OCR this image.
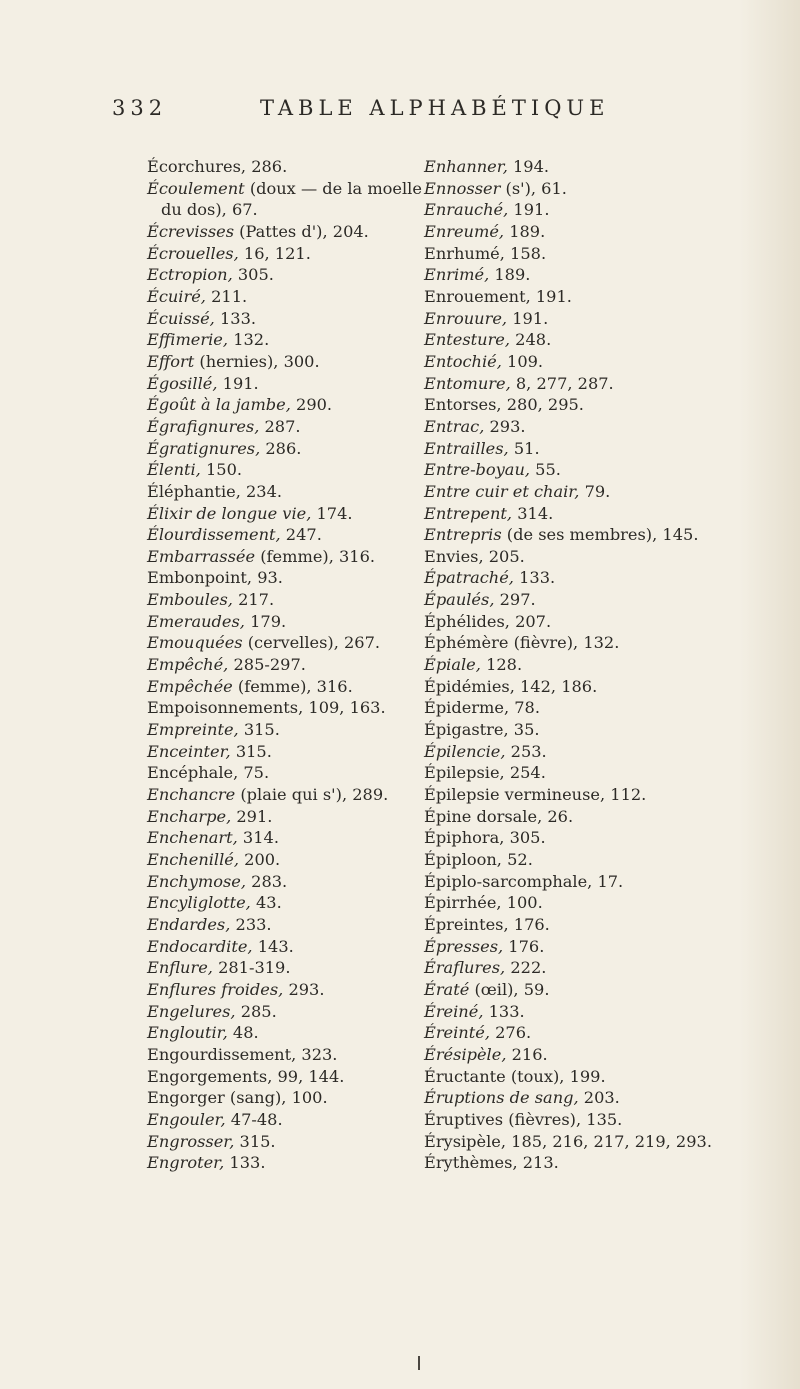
332	TABLE ALPHABÉTIQUE
Écorchures, 286.
Écoulement (doux — de la moelle
du dos), 67.
Écrevisses (Pattes d'), 204.
Écrouelles, 16, 121.
Ectropion, 305.
Écuiré, 211.
Écuissé, 133.
Effimerie, 132.
Effort (hernies), 300.
Égosillé, 191.
Égoût à la jambe, 290.
Égrafignures, 287.
Égratignures, 286.
Élenti, 150.
Éléphantie, 234.
Élixir de longue vie, 174.
Élourdissement, 247.
Embarrassée (femme), 316.
Embonpoint, 93.
Emboules, 217.
Emeraudes, 179.
Emouquées (cervelles), 267.
Empêché, 285-297.
Empêchée (femme), 316.
Empoisonnements, 109, 163.
Empreinte, 315.
Enceinter, 315.
Encéphale, 75.
Enchancre (plaie qui s'), 289.
Encharpe, 291.
Enchenart, 314.
Enchenillé, 200.
Enchymose, 283.
Encyliglotte, 43.
Endardes, 233.
Endocardite, 143.
Enflure, 281-319.
Enflures froides, 293.
Engelures, 285.
Engloutir, 48.
Engourdissement, 323.
Engorgements, 99, 144.
Engorger (sang), 100.
Engouler, 47-48.
Engrosser, 315.
Engroter, 133.
Enhanner, 194.
Ennosser (s'), 61.
Enrauché, 191.
Enreumé, 189.
Enrhumé, 158.
Enrimé, 189.
Enrouement, 191.
Enrouure, 191.
Entesture, 248.
Entochié, 109.
Entomure, 8, 277, 287.
Entorses, 280, 295.
Entrac, 293.
Entrailles, 51.
Entre-boyau, 55.
Entre cuir et chair, 79.
Entrepent, 314.
Entrepris (de ses membres), 145.
Envies, 205.
Épatraché, 133.
Épaulés, 297.
Éphélides, 207.
Éphémère (fièvre), 132.
Épiale, 128.
Épidémies, 142, 186.
Épiderme, 78.
Épigastre, 35.
Épilencie, 253.
Épilepsie, 254.
Épilepsie vermineuse, 112.
Épine dorsale, 26.
Épiphora, 305.
Épiploon, 52.
Épiplo-sarcomphale, 17.
Épirrhée, 100.
Épreintes, 176.
Épresses, 176.
Éraflures, 222.
Ératé (œil), 59.
Éreiné, 133.
Éreinté, 276.
Érésipèle, 216.
Éructante (toux), 199.
Éruptions de sang, 203.
Éruptives (fièvres), 135.
Érysipèle, 185, 216, 217, 219, 293.
Érythèmes, 213.
